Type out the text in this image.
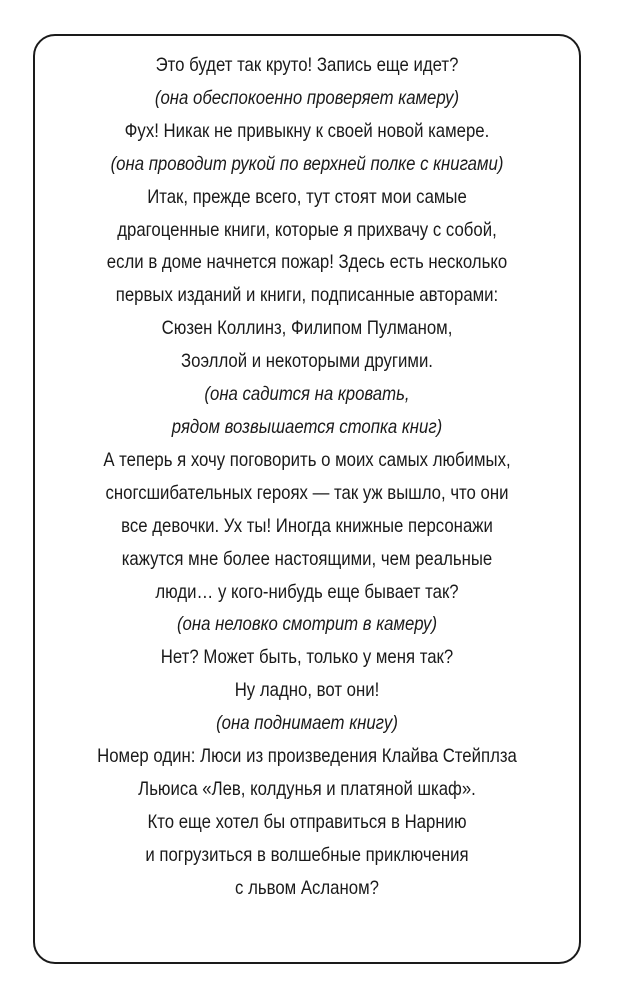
Это будет так круто! Запись еще идет?
(она обеспокоенно проверяет камеру)
Фух! Никак не привыкну к своей новой камере.
(она проводит рукой по верхней полке с книгами)
Итак, прежде всего, тут стоят мои самые
драгоценные книги, которые я прихвачу с собой,
если в доме начнется пожар! Здесь есть несколько
первых изданий и книги, подписанные авторами:
Сюзен Коллинз, Филипом Пулманом,
Зоэллой и некоторыми другими.
(она садится на кровать,
рядом возвышается стопка книг)
А теперь я хочу поговорить о моих самых любимых,
сногсшибательных героях — так уж вышло, что они
все девочки. Ух ты! Иногда книжные персонажи
кажутся мне более настоящими, чем реальные
люди… у кого-нибудь еще бывает так?
(она неловко смотрит в камеру)
Нет? Может быть, только у меня так?
Ну ладно, вот они!
(она поднимает книгу)
Номер один: Люси из произведения Клайва Стейплза
Льюиса «Лев, колдунья и платяной шкаф».
Кто еще хотел бы отправиться в Нарнию
и погрузиться в волшебные приключения
с львом Асланом?
